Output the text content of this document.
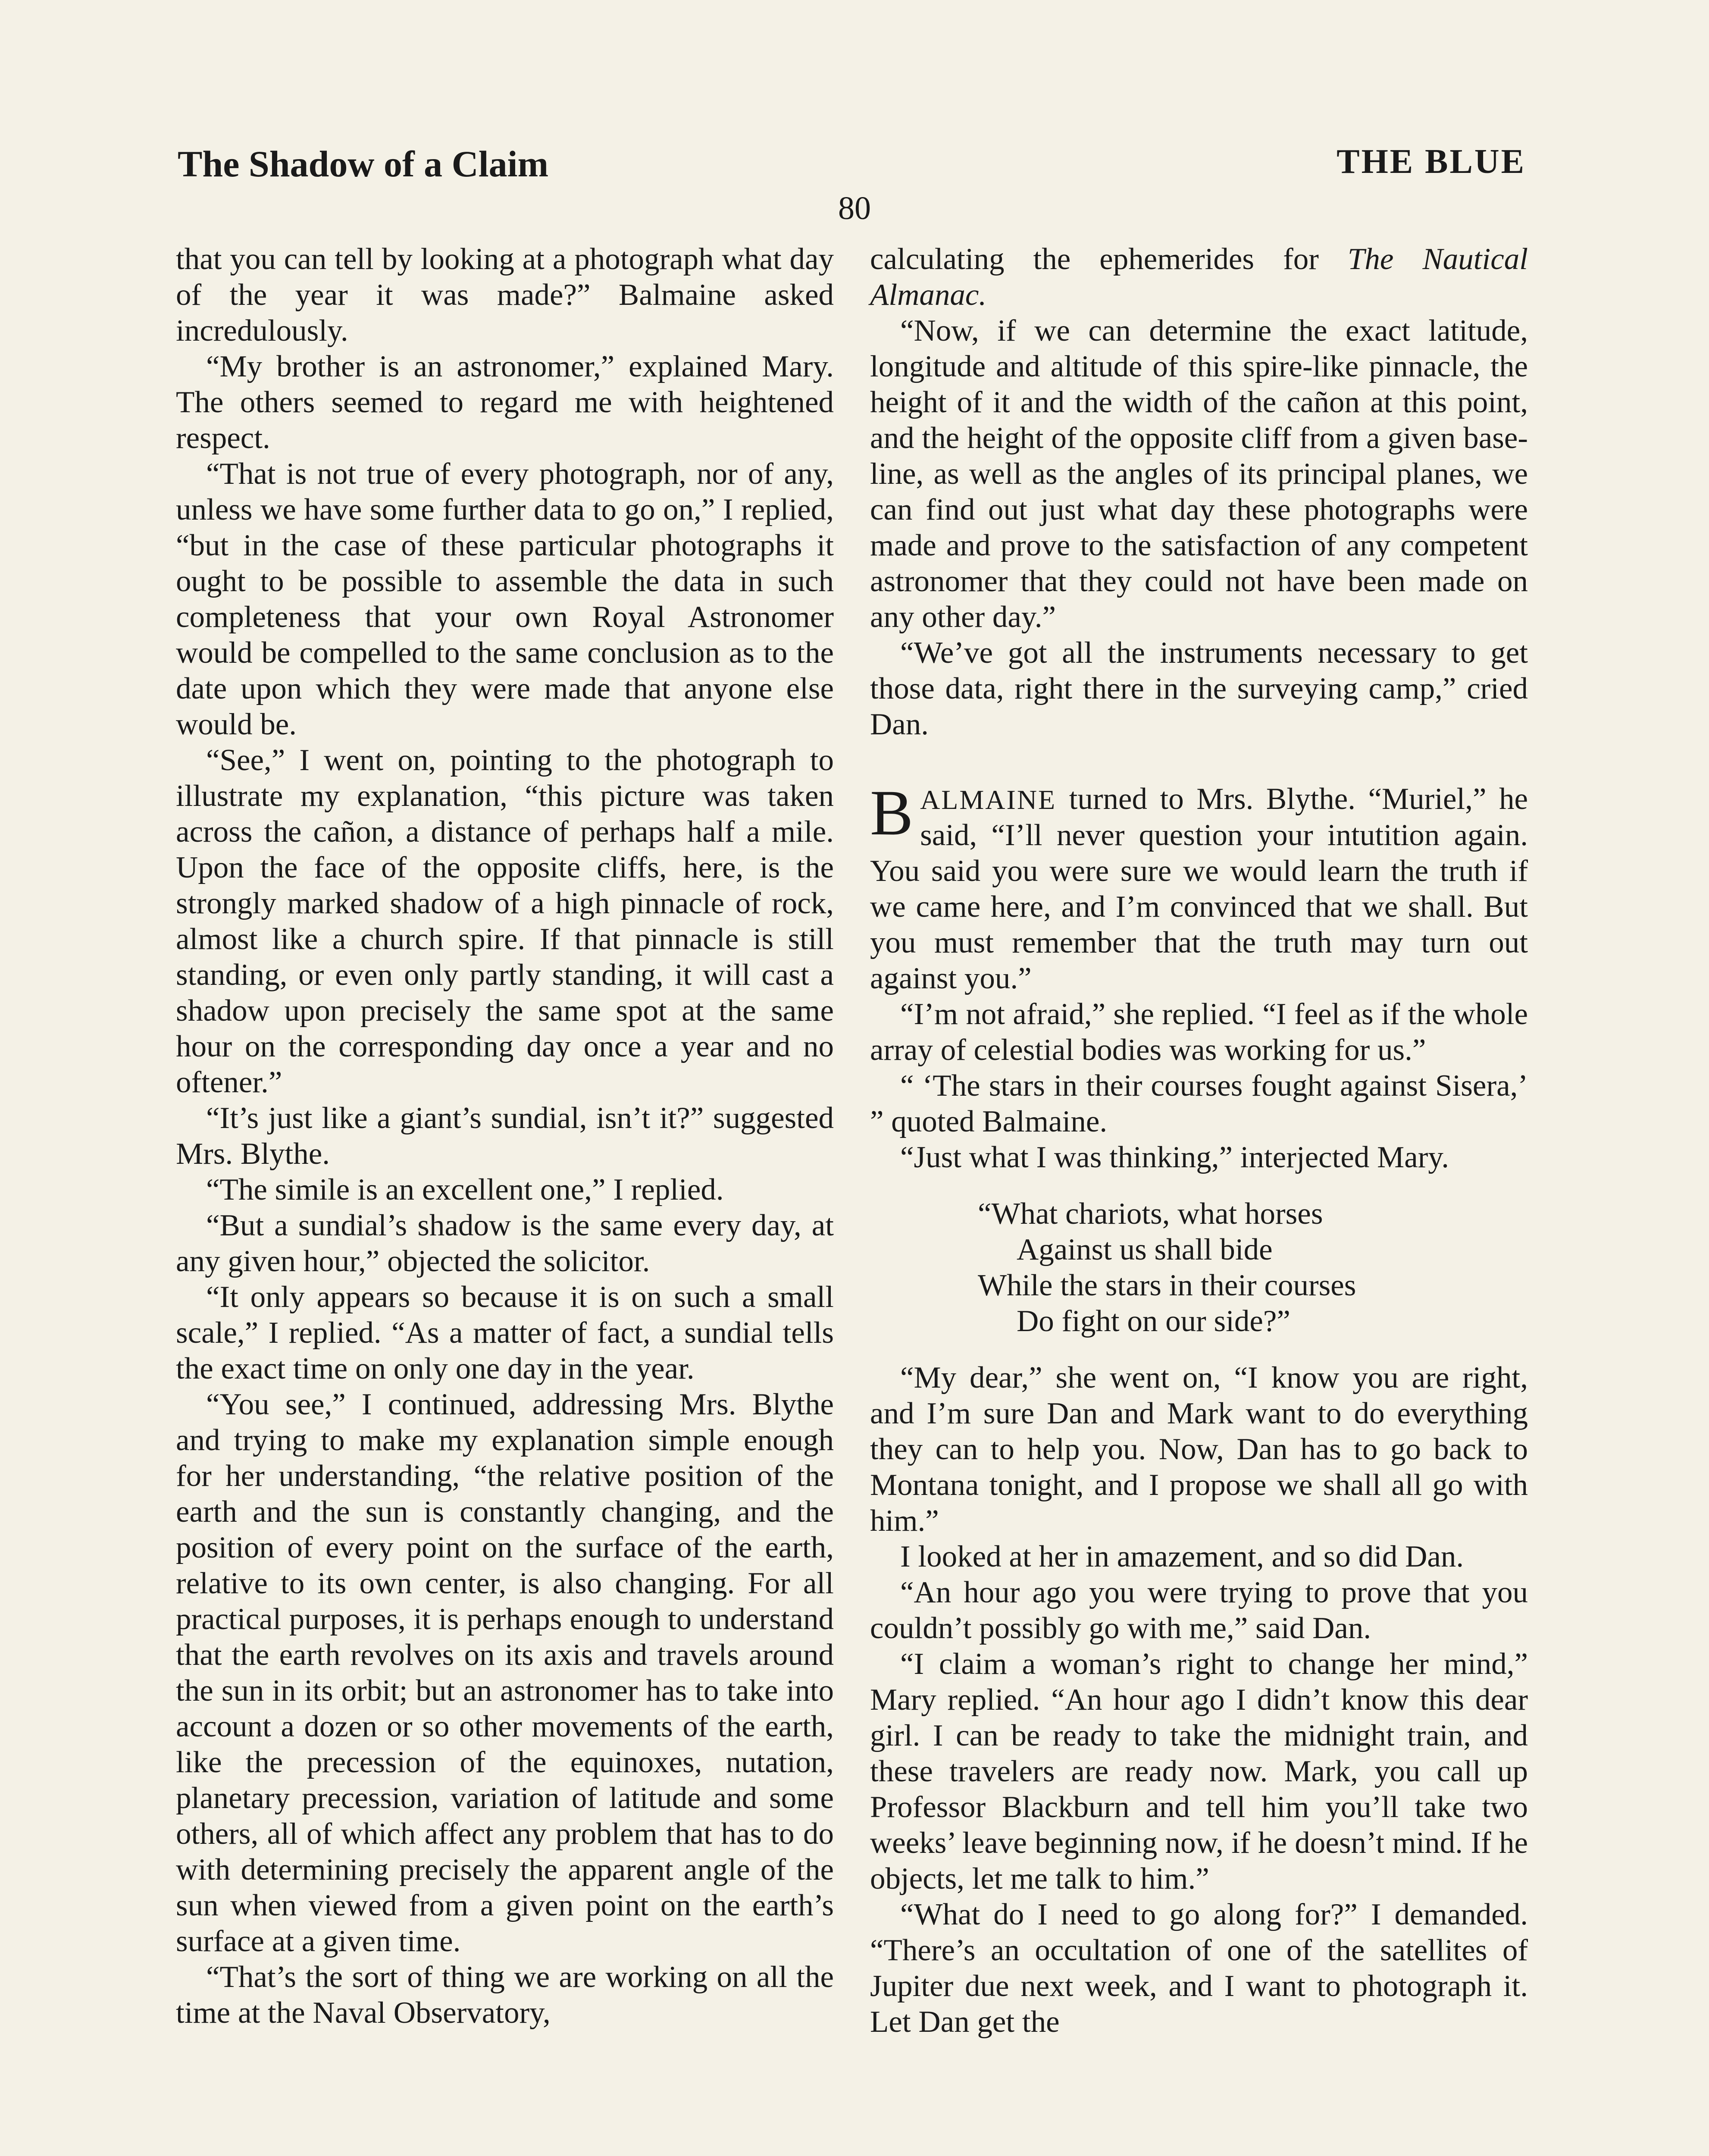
The Shadow of a Claim	THE BLUE
80

that you can tell by looking at a photograph what day of the year it was made?” Balmaine asked incredulously.

“My brother is an astronomer,” explained Mary. The others seemed to regard me with heightened respect.

“That is not true of every photograph, nor of any, unless we have some further data to go on,” I replied, “but in the case of these particular photographs it ought to be possible to assemble the data in such completeness that your own Royal Astronomer would be compelled to the same conclusion as to the date upon which they were made that anyone else would be.

“See,” I went on, pointing to the photograph to illustrate my explanation, “this picture was taken across the cañon, a distance of perhaps half a mile. Upon the face of the opposite cliffs, here, is the strongly marked shadow of a high pinnacle of rock, almost like a church spire. If that pinnacle is still standing, or even only partly standing, it will cast a shadow upon precisely the same spot at the same hour on the corresponding day once a year and no oftener.”

“It’s just like a giant’s sundial, isn’t it?” suggested Mrs. Blythe.

“The simile is an excellent one,” I replied.

“But a sundial’s shadow is the same every day, at any given hour,” objected the solicitor.

“It only appears so because it is on such a small scale,” I replied. “As a matter of fact, a sundial tells the exact time on only one day in the year.

“You see,” I continued, addressing Mrs. Blythe and trying to make my explanation simple enough for her understanding, “the relative position of the earth and the sun is constantly changing, and the position of every point on the surface of the earth, relative to its own center, is also changing. For all practical purposes, it is perhaps enough to understand that the earth revolves on its axis and travels around the sun in its orbit; but an astronomer has to take into account a dozen or so other movements of the earth, like the precession of the equinoxes, nutation, planetary precession, variation of latitude and some others, all of which affect any problem that has to do with determining precisely the apparent angle of the sun when viewed from a given point on the earth’s surface at a given time.

“That’s the sort of thing we are working on all the time at the Naval Observatory,

calculating the ephemerides for The Nautical Almanac.

“Now, if we can determine the exact latitude, longitude and altitude of this spire-like pinnacle, the height of it and the width of the cañon at this point, and the height of the opposite cliff from a given base-line, as well as the angles of its principal planes, we can find out just what day these photographs were made and prove to the satisfaction of any competent astronomer that they could not have been made on any other day.”

“We’ve got all the instruments necessary to get those data, right there in the surveying camp,” cried Dan.

BALMAINE turned to Mrs. Blythe. “Muriel,” he said, “I’ll never question your intutition again. You said you were sure we would learn the truth if we came here, and I’m convinced that we shall. But you must remember that the truth may turn out against you.”

“I’m not afraid,” she replied. “I feel as if the whole array of celestial bodies was working for us.”

“ ‘The stars in their courses fought against Sisera,’ ” quoted Balmaine.

“Just what I was thinking,” interjected Mary.

“What chariots, what horses
Against us shall bide
While the stars in their courses
Do fight on our side?”

“My dear,” she went on, “I know you are right, and I’m sure Dan and Mark want to do everything they can to help you. Now, Dan has to go back to Montana tonight, and I propose we shall all go with him.”

I looked at her in amazement, and so did Dan.

“An hour ago you were trying to prove that you couldn’t possibly go with me,” said Dan.

“I claim a woman’s right to change her mind,” Mary replied. “An hour ago I didn’t know this dear girl. I can be ready to take the midnight train, and these travelers are ready now. Mark, you call up Professor Blackburn and tell him you’ll take two weeks’ leave beginning now, if he doesn’t mind. If he objects, let me talk to him.”

“What do I need to go along for?” I demanded. “There’s an occultation of one of the satellites of Jupiter due next week, and I want to photograph it. Let Dan get the
